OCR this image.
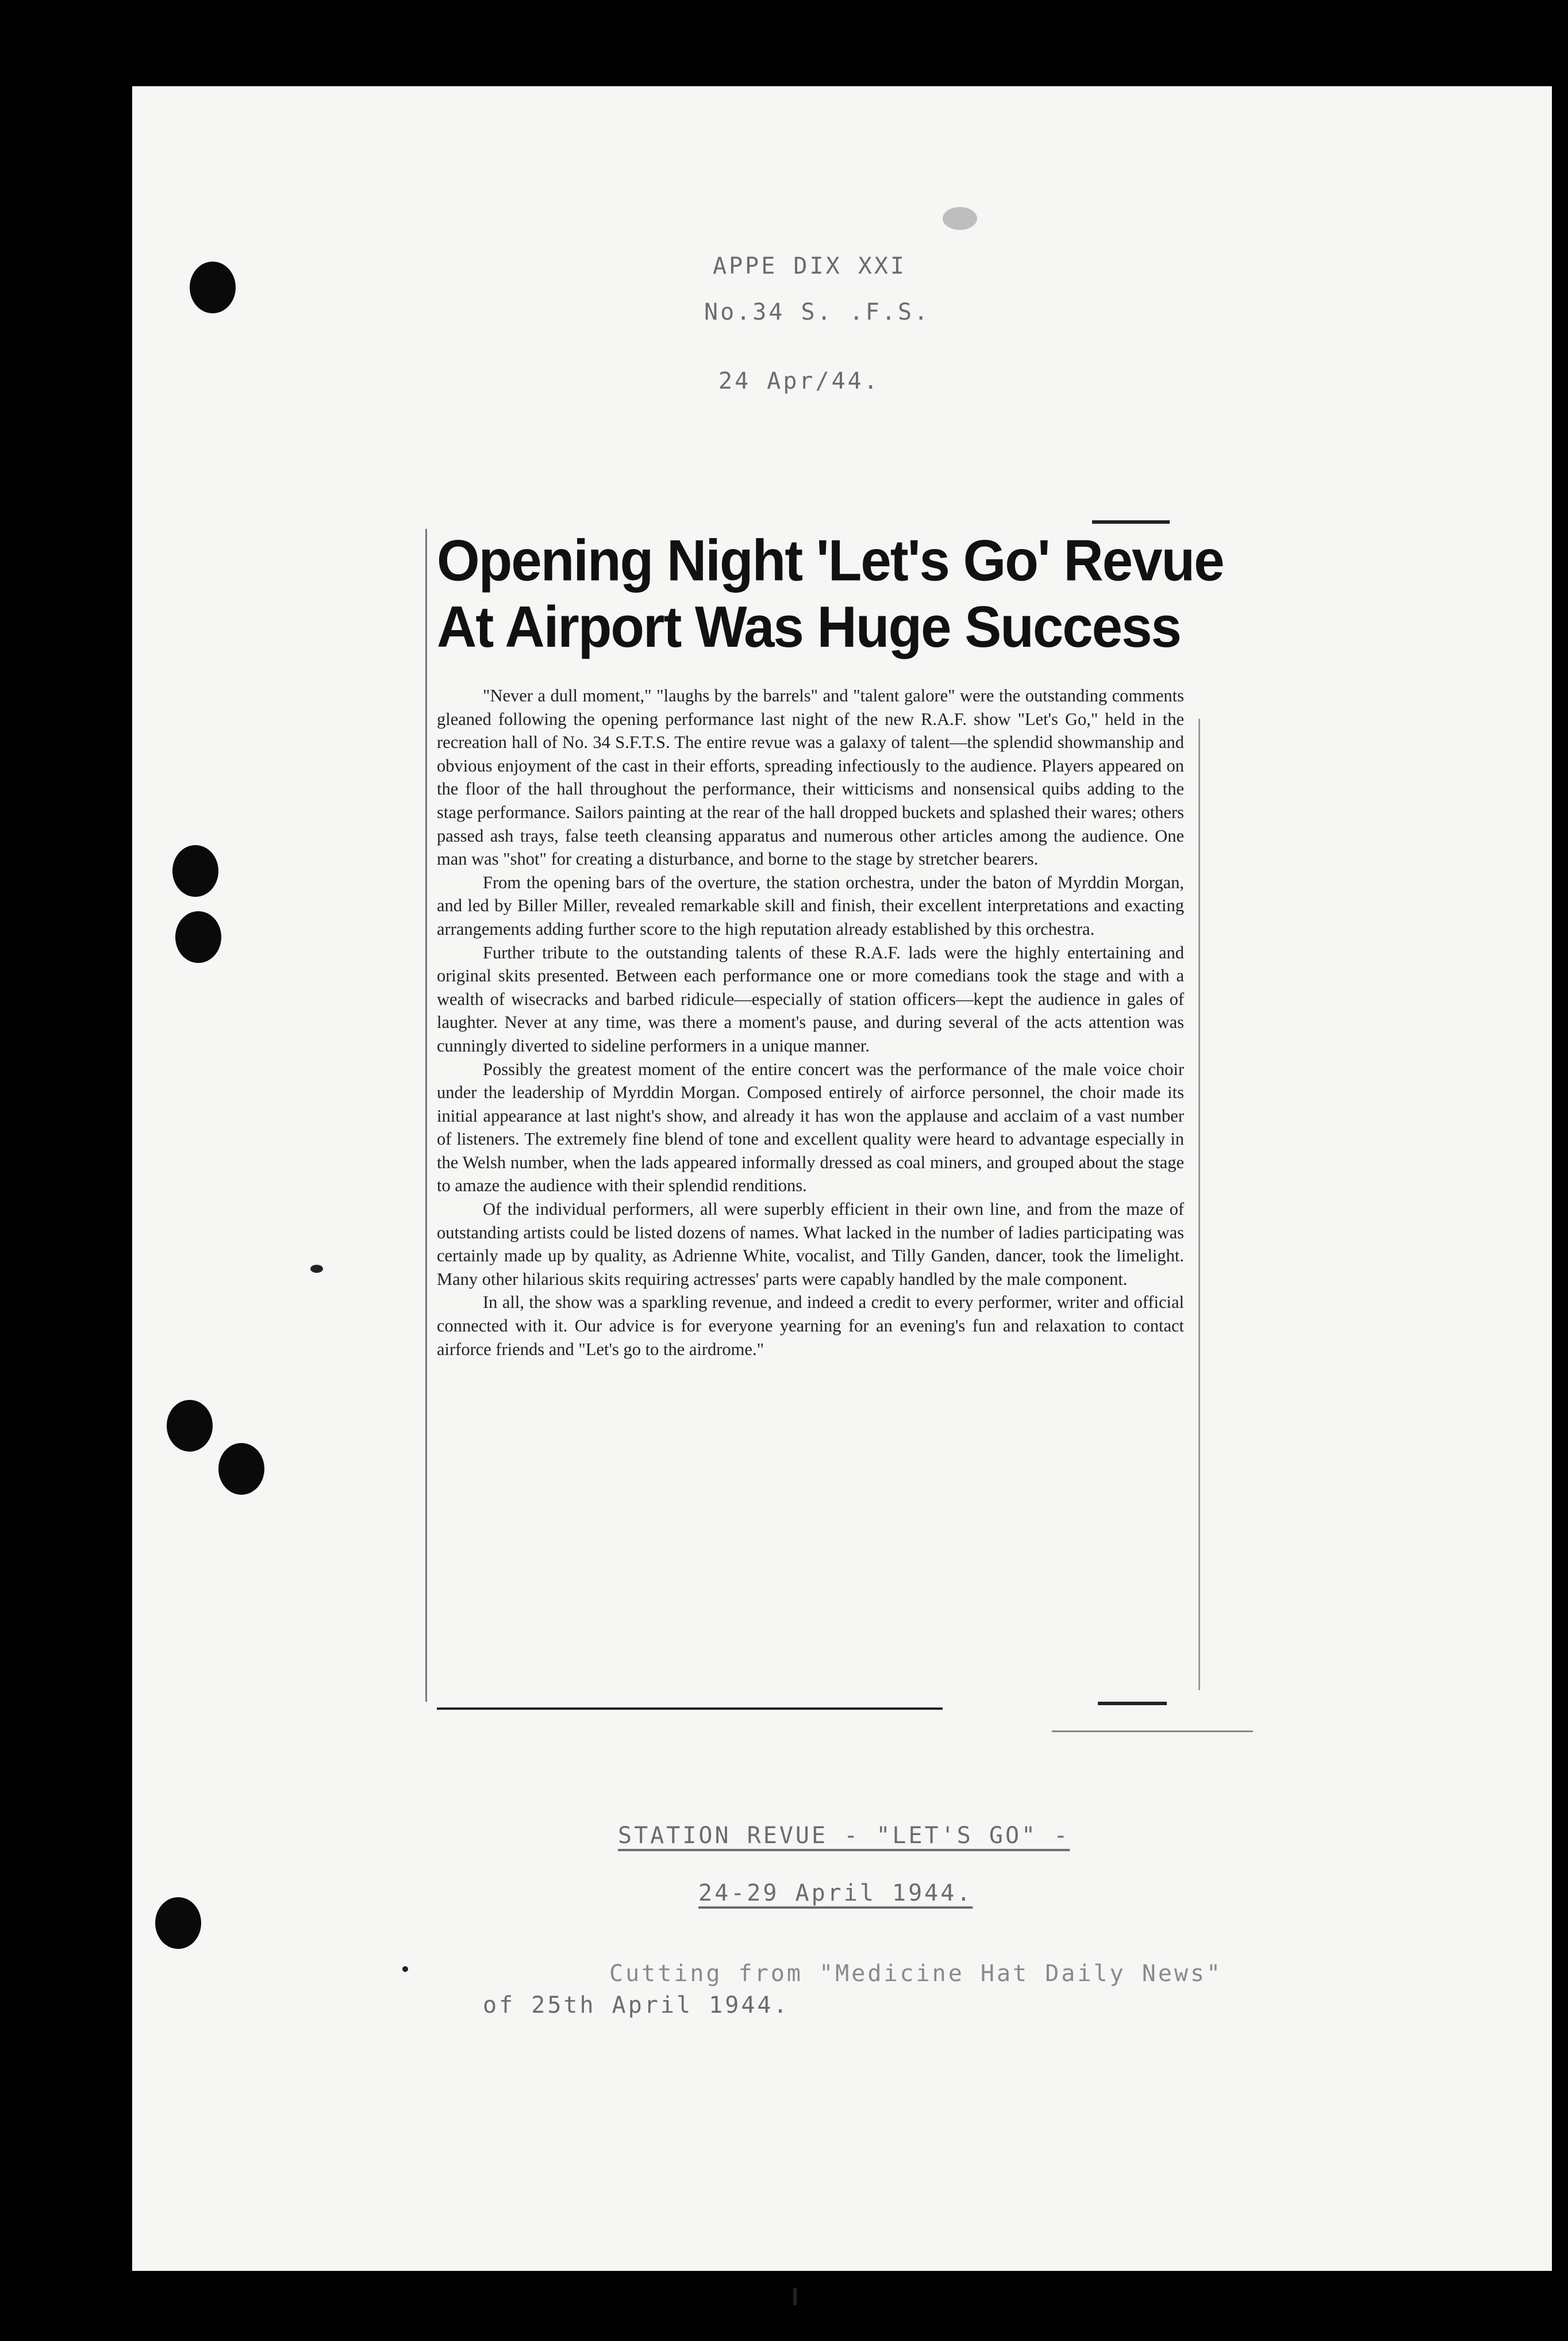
APPE DIX XXI
No.34 S. .F.S.
24 Apr/44.
Opening Night 'Let's Go' Revue
At Airport Was Huge Success

"Never a dull moment," "laughs by the barrels" and "talent galore" were the outstanding comments gleaned following the opening performance last night of the new R.A.F. show "Let's Go," held in the recreation hall of No. 34 S.F.T.S. The entire revue was a galaxy of talent—the splendid showmanship and obvious enjoyment of the cast in their efforts, spreading infectiously to the audience. Players appeared on the floor of the hall throughout the performance, their witticisms and nonsensical quibs adding to the stage performance. Sailors painting at the rear of the hall dropped buckets and splashed their wares; others passed ash trays, false teeth cleansing apparatus and numerous other articles among the audience. One man was "shot" for creating a disturbance, and borne to the stage by stretcher bearers.

From the opening bars of the overture, the station orchestra, under the baton of Myrddin Morgan, and led by Biller Miller, revealed remarkable skill and finish, their excellent interpretations and exacting arrangements adding further score to the high reputation already established by this orchestra.

Further tribute to the outstanding talents of these R.A.F. lads were the highly entertaining and original skits presented. Between each performance one or more comedians took the stage and with a wealth of wisecracks and barbed ridicule—especially of station officers—kept the audience in gales of laughter. Never at any time, was there a moment's pause, and during several of the acts attention was cunningly diverted to sideline performers in a unique manner.

Possibly the greatest moment of the entire concert was the performance of the male voice choir under the leadership of Myrddin Morgan. Composed entirely of airforce personnel, the choir made its initial appearance at last night's show, and already it has won the applause and acclaim of a vast number of listeners. The extremely fine blend of tone and excellent quality were heard to advantage especially in the Welsh number, when the lads appeared informally dressed as coal miners, and grouped about the stage to amaze the audience with their splendid renditions.

Of the individual performers, all were superbly efficient in their own line, and from the maze of outstanding artists could be listed dozens of names. What lacked in the number of ladies participating was certainly made up by quality, as Adrienne White, vocalist, and Tilly Ganden, dancer, took the limelight. Many other hilarious skits requiring actresses' parts were capably handled by the male component.

In all, the show was a sparkling revenue, and indeed a credit to every performer, writer and official connected with it. Our advice is for everyone yearning for an evening's fun and relaxation to contact airforce friends and "Let's go to the airdrome."

STATION REVUE - "LET'S GO" -
24-29 April 1944.
Cutting from "Medicine Hat Daily News"
of 25th April 1944.
